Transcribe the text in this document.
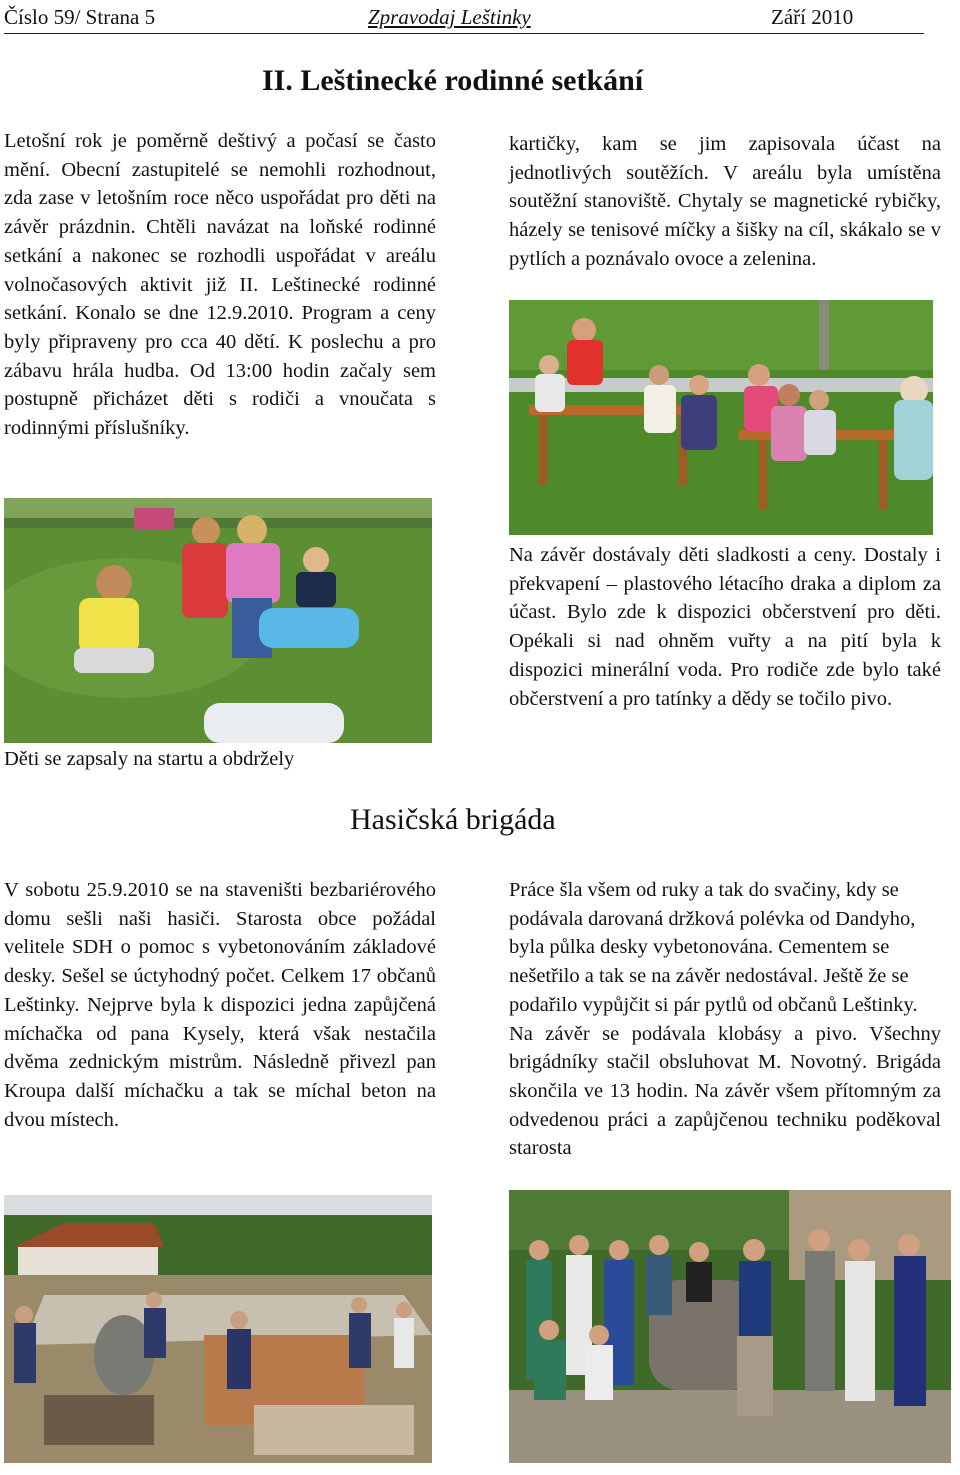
Číslo 59/ Strana 5	Zpravodaj Leštinky	Září 2010
II. Leštinecké rodinné setkání

Letošní rok je poměrně deštivý a počasí se často mění. Obecní zastupitelé se nemohli rozhodnout, zda zase v letošním roce něco uspořádat pro děti na závěr prázdnin. Chtěli navázat na loňské rodinné setkání a nakonec se rozhodli uspořádat v areálu volnočasových aktivit již II. Leštinecké rodinné setkání. Konalo se dne 12.9.2010. Program a ceny byly připraveny pro cca 40 dětí. K poslechu a pro zábavu hrála hudba. Od 13:00 hodin začaly sem postupně přicházet děti s rodiči a vnoučata s rodinnými příslušníky.

Děti se zapsaly na startu a obdržely

kartičky, kam se jim zapisovala účast na jednotlivých soutěžích. V areálu byla umístěna soutěžní stanoviště. Chytaly se magnetické rybičky, házely se tenisové míčky a šišky na cíl, skákalo se v pytlích a poznávalo ovoce a zelenina.

Na závěr dostávaly děti sladkosti a ceny. Dostaly i překvapení – plastového létacího draka a diplom za účast. Bylo zde k dispozici občerstvení pro děti. Opékali si nad ohněm vuřty a na pití byla k dispozici minerální voda. Pro rodiče zde bylo také občerstvení a pro tatínky a dědy se točilo pivo.

Hasičská brigáda

V sobotu 25.9.2010 se na staveništi bezbariérového domu sešli naši hasiči. Starosta obce požádal velitele SDH o pomoc s vybetonováním základové desky. Sešel se úctyhodný počet. Celkem 17 občanů Leštinky. Nejprve byla k dispozici jedna zapůjčená míchačka od pana Kysely, která však nestačila dvěma zednickým mistrům. Následně přivezl pan Kroupa další míchačku a tak se míchal beton na dvou místech.

Práce šla všem od ruky a tak do svačiny, kdy se podávala darovaná držková polévka od Dandyho, byla půlka desky vybetonována. Cementem se nešetřilo a tak se na závěr nedostával. Ještě že se podařilo vypůjčit si pár pytlů od občanů Leštinky.

Na závěr se podávala klobásy a pivo. Všechny brigádníky stačil obsluhovat M. Novotný. Brigáda skončila ve 13 hodin. Na závěr všem přítomným za odvedenou práci a zapůjčenou techniku poděkoval starosta
